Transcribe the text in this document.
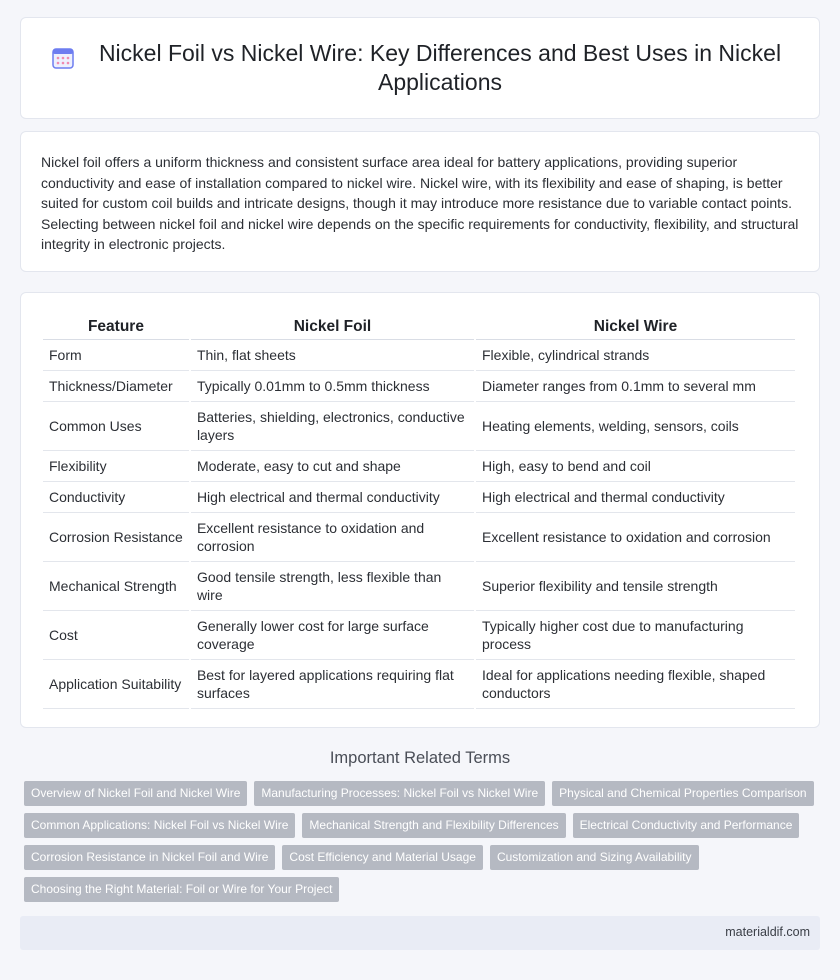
Nickel Foil vs Nickel Wire: Key Differences and Best Uses in Nickel Applications

Nickel foil offers a uniform thickness and consistent surface area ideal for battery applications, providing superior conductivity and ease of installation compared to nickel wire. Nickel wire, with its flexibility and ease of shaping, is better suited for custom coil builds and intricate designs, though it may introduce more resistance due to variable contact points. Selecting between nickel foil and nickel wire depends on the specific requirements for conductivity, flexibility, and structural integrity in electronic projects.

Feature	Nickel Foil	Nickel Wire
Form	Thin, flat sheets	Flexible, cylindrical strands
Thickness/Diameter	Typically 0.01mm to 0.5mm thickness	Diameter ranges from 0.1mm to several mm
Common Uses	Batteries, shielding, electronics, conductive layers	Heating elements, welding, sensors, coils
Flexibility	Moderate, easy to cut and shape	High, easy to bend and coil
Conductivity	High electrical and thermal conductivity	High electrical and thermal conductivity
Corrosion Resistance	Excellent resistance to oxidation and corrosion	Excellent resistance to oxidation and corrosion
Mechanical Strength	Good tensile strength, less flexible than wire	Superior flexibility and tensile strength
Cost	Generally lower cost for large surface coverage	Typically higher cost due to manufacturing process
Application Suitability	Best for layered applications requiring flat surfaces	Ideal for applications needing flexible, shaped conductors
Important Related Terms
Overview of Nickel Foil and Nickel Wire	Manufacturing Processes: Nickel Foil vs Nickel Wire	Physical and Chemical Properties Comparison
Common Applications: Nickel Foil vs Nickel Wire	Mechanical Strength and Flexibility Differences	Electrical Conductivity and Performance
Corrosion Resistance in Nickel Foil and Wire	Cost Efficiency and Material Usage	Customization and Sizing Availability
Choosing the Right Material: Foil or Wire for Your Project
materialdif.com
